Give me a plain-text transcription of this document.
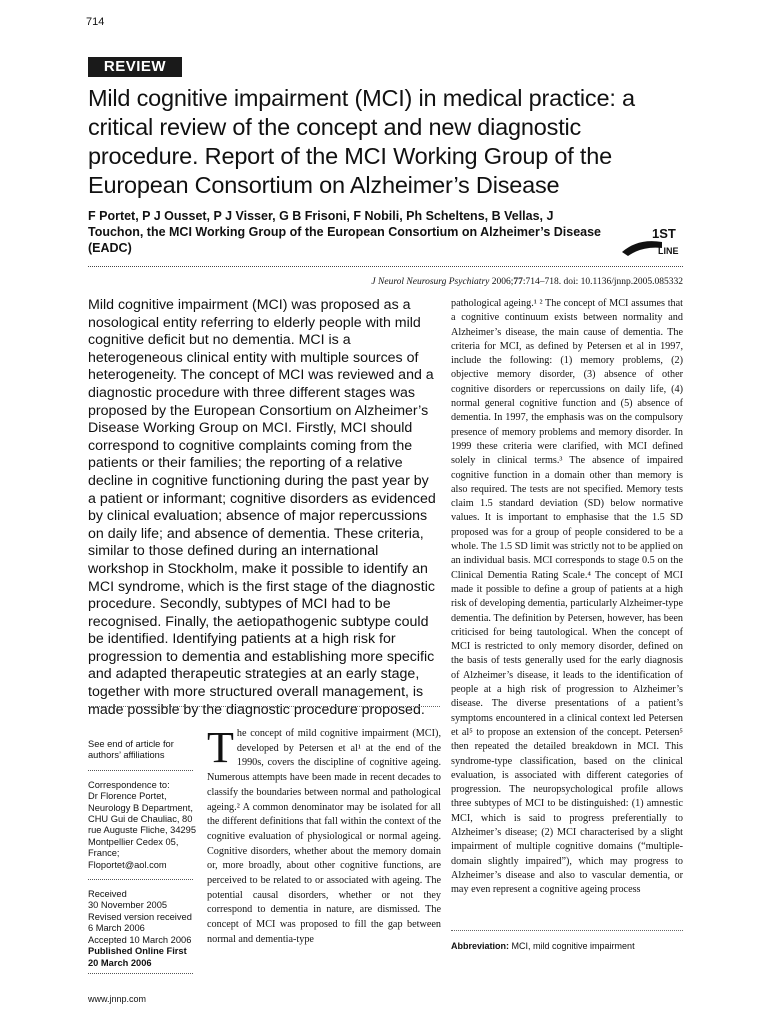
714
REVIEW
Mild cognitive impairment (MCI) in medical practice: a critical review of the concept and new diagnostic procedure. Report of the MCI Working Group of the European Consortium on Alzheimer’s Disease
F Portet, P J Ousset, P J Visser, G B Frisoni, F Nobili, Ph Scheltens, B Vellas, J Touchon, the MCI Working Group of the European Consortium on Alzheimer’s Disease (EADC)
1ST
LINE
J Neurol Neurosurg Psychiatry 2006;77:714–718. doi: 10.1136/jnnp.2005.085332
Mild cognitive impairment (MCI) was proposed as a nosological entity referring to elderly people with mild cognitive deficit but no dementia. MCI is a heterogeneous clinical entity with multiple sources of heterogeneity. The concept of MCI was reviewed and a diagnostic procedure with three different stages was proposed by the European Consortium on Alzheimer’s Disease Working Group on MCI. Firstly, MCI should correspond to cognitive complaints coming from the patients or their families; the reporting of a relative decline in cognitive functioning during the past year by a patient or informant; cognitive disorders as evidenced by clinical evaluation; absence of major repercussions on daily life; and absence of dementia. These criteria, similar to those defined during an international workshop in Stockholm, make it possible to identify an MCI syndrome, which is the first stage of the diagnostic procedure. Secondly, subtypes of MCI had to be recognised. Finally, the aetiopathogenic subtype could be identified. Identifying patients at a high risk for progression to dementia and establishing more specific and adapted therapeutic strategies at an early stage, together with more structured overall management, is made possible by the diagnostic procedure proposed.

See end of article for authors’ affiliations

Correspondence to:

Dr Florence Portet,

Neurology B Department,

CHU Gui de Chauliac, 80

rue Auguste Fliche, 34295

Montpellier Cedex 05,

France; Floportet@aol.com

Received

30 November 2005

Revised version received

6 March 2006

Accepted 10 March 2006

Published Online First

20 March 2006

The concept of mild cognitive impairment (MCI), developed by Petersen et al¹ at the end of the 1990s, covers the discipline of cognitive ageing. Numerous attempts have been made in recent decades to classify the boundaries between normal and pathological ageing.² A common denominator may be isolated for all the different definitions that fall within the context of the cognitive evaluation of physiological or normal ageing. Cognitive disorders, whether about the memory domain or, more broadly, about other cognitive functions, are perceived to be related to or associated with ageing. The potential causal disorders, whether or not they correspond to dementia in nature, are dismissed. The concept of MCI was proposed to fill the gap between normal and dementia-type
pathological ageing.¹ ² The concept of MCI assumes that a cognitive continuum exists between normality and Alzheimer’s disease, the main cause of dementia. The criteria for MCI, as defined by Petersen et al in 1997, include the following: (1) memory problems, (2) objective memory disorder, (3) absence of other cognitive disorders or repercussions on daily life, (4) normal general cognitive function and (5) absence of dementia. In 1997, the emphasis was on the compulsory presence of memory problems and memory disorder. In 1999 these criteria were clarified, with MCI defined solely in clinical terms.³ The absence of impaired cognitive function in a domain other than memory is also required. The tests are not specified. Memory tests claim 1.5 standard deviation (SD) below normative values. It is important to emphasise that the 1.5 SD proposed was for a group of people considered to be a whole. The 1.5 SD limit was strictly not to be applied on an individual basis. MCI corresponds to stage 0.5 on the Clinical Dementia Rating Scale.⁴ The concept of MCI made it possible to define a group of patients at a high risk of developing dementia, particularly Alzheimer-type dementia. The definition by Petersen, however, has been criticised for being tautological. When the concept of MCI is restricted to only memory disorder, defined on the basis of tests generally used for the early diagnosis of Alzheimer’s disease, it leads to the identification of people at a high risk of progression to Alzheimer’s disease. The diverse presentations of a patient’s symptoms encountered in a clinical context led Petersen et al⁵ to propose an extension of the concept. Petersen⁵ then repeated the detailed breakdown in MCI. This syndrome-type classification, based on the clinical evaluation, is associated with different categories of progression. The neuropsychological profile allows three subtypes of MCI to be distinguished: (1) amnestic MCI, which is said to progress preferentially to Alzheimer’s disease; (2) MCI characterised by a slight impairment of multiple cognitive domains (“multiple-domain slightly impaired”), which may progress to Alzheimer’s disease and also to vascular dementia, or may even represent a cognitive ageing process
Abbreviation: MCI, mild cognitive impairment
www.jnnp.com
